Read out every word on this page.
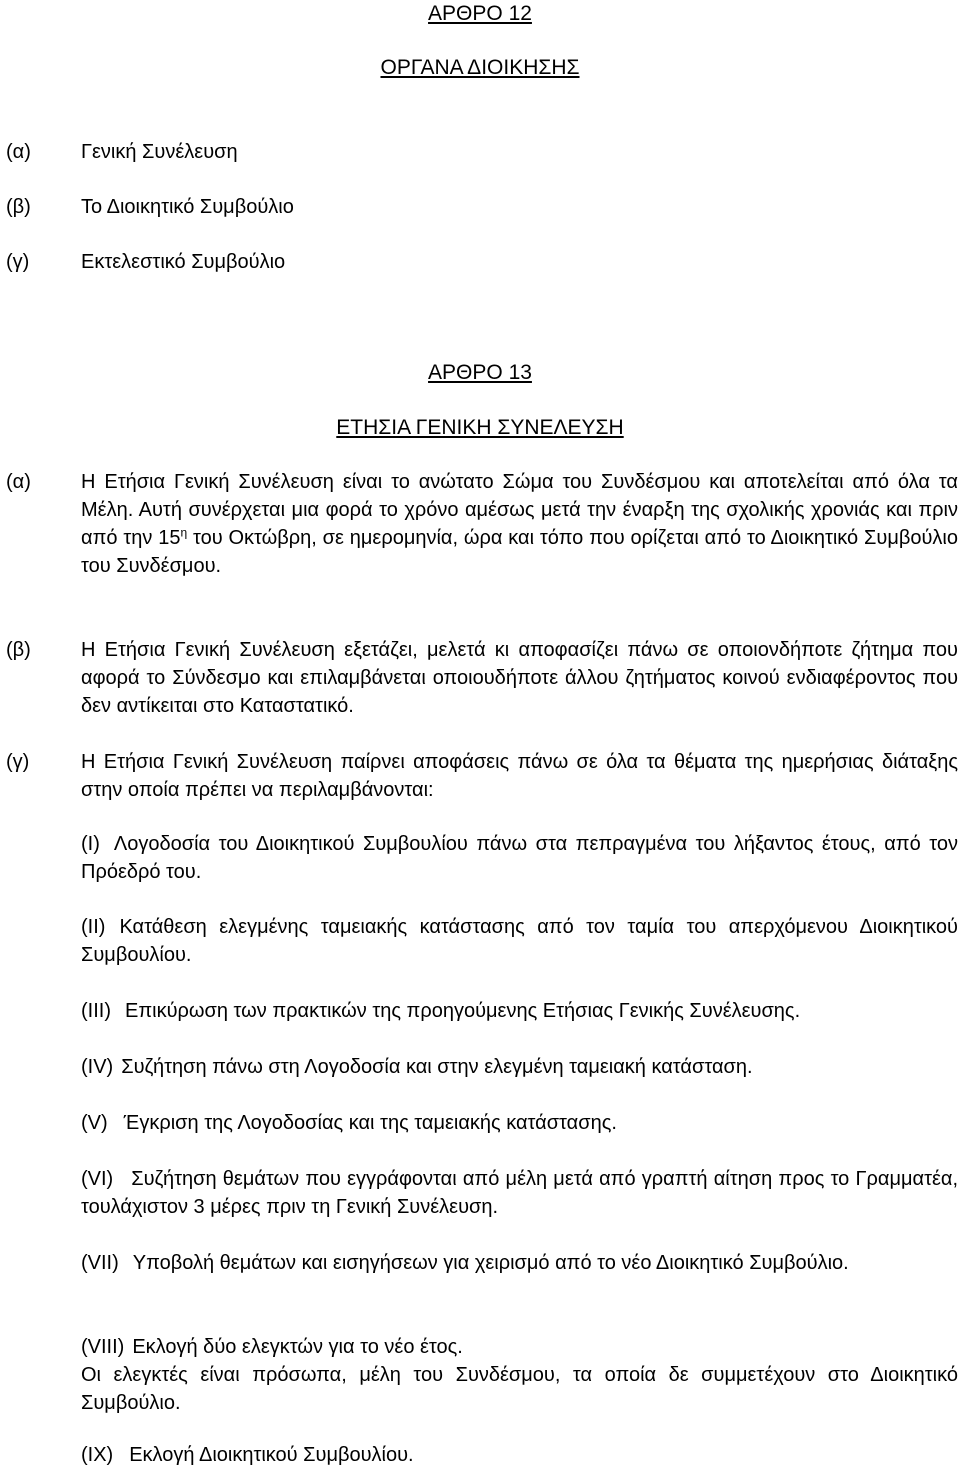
ΑΡΘΡΟ 12
ΟΡΓΑΝΑ ΔΙΟΙΚΗΣΗΣ
(α)	Γενική Συνέλευση
(β)	Το Διοικητικό Συμβούλιο
(γ)	Εκτελεστικό Συμβούλιο
ΑΡΘΡΟ 13
ΕΤΗΣΙΑ ΓΕΝΙΚΗ ΣΥΝΕΛΕΥΣΗ
(α)	Η Ετήσια Γενική Συνέλευση είναι το ανώτατο Σώμα του Συνδέσμου και αποτελείται από όλα τα Μέλη. Αυτή συνέρχεται μια φορά το χρόνο αμέσως μετά την έναρξη της σχολικής χρονιάς και πριν από την $15^\eta$ του Οκτώβρη, σε ημερομηνία, ώρα και τόπο που ορίζεται από το Διοικητικό Συμβούλιο του Συνδέσμου.
(β)	Η Ετήσια Γενική Συνέλευση εξετάζει, μελετά κι αποφασίζει πάνω σε οποιονδήποτε ζήτημα που αφορά το Σύνδεσμο και επιλαμβάνεται οποιουδήποτε άλλου ζητήματος κοινού ενδιαφέροντος που δεν αντίκειται στο Καταστατικό.
(γ)	Η Ετήσια Γενική Συνέλευση παίρνει αποφάσεις πάνω σε όλα τα θέματα της ημερήσιας διάταξης στην οποία πρέπει να περιλαμβάνονται:
(I) Λογοδοσία του Διοικητικού Συμβουλίου πάνω στα πεπραγμένα του λήξαντος έτους, από τον Πρόεδρό του.
(II) Κατάθεση ελεγμένης ταμειακής κατάστασης από τον ταμία του απερχόμενου Διοικητικού Συμβουλίου.
(III) Επικύρωση των πρακτικών της προηγούμενης Ετήσιας Γενικής Συνέλευσης.
(IV) Συζήτηση πάνω στη Λογοδοσία και στην ελεγμένη ταμειακή κατάσταση.
(V) Έγκριση της Λογοδοσίας και της ταμειακής κατάστασης.
(VI) Συζήτηση θεμάτων που εγγράφονται από μέλη μετά από γραπτή αίτηση προς το Γραμματέα, τουλάχιστον 3 μέρες πριν τη Γενική Συνέλευση.
(VII) Υποβολή θεμάτων και εισηγήσεων για χειρισμό από το νέο Διοικητικό Συμβούλιο.
(VIII) Εκλογή δύο ελεγκτών για το νέο έτος.
Οι ελεγκτές είναι πρόσωπα, μέλη του Συνδέσμου, τα οποία δε συμμετέχουν στο Διοικητικό Συμβούλιο.
(IX) Εκλογή Διοικητικού Συμβουλίου.
